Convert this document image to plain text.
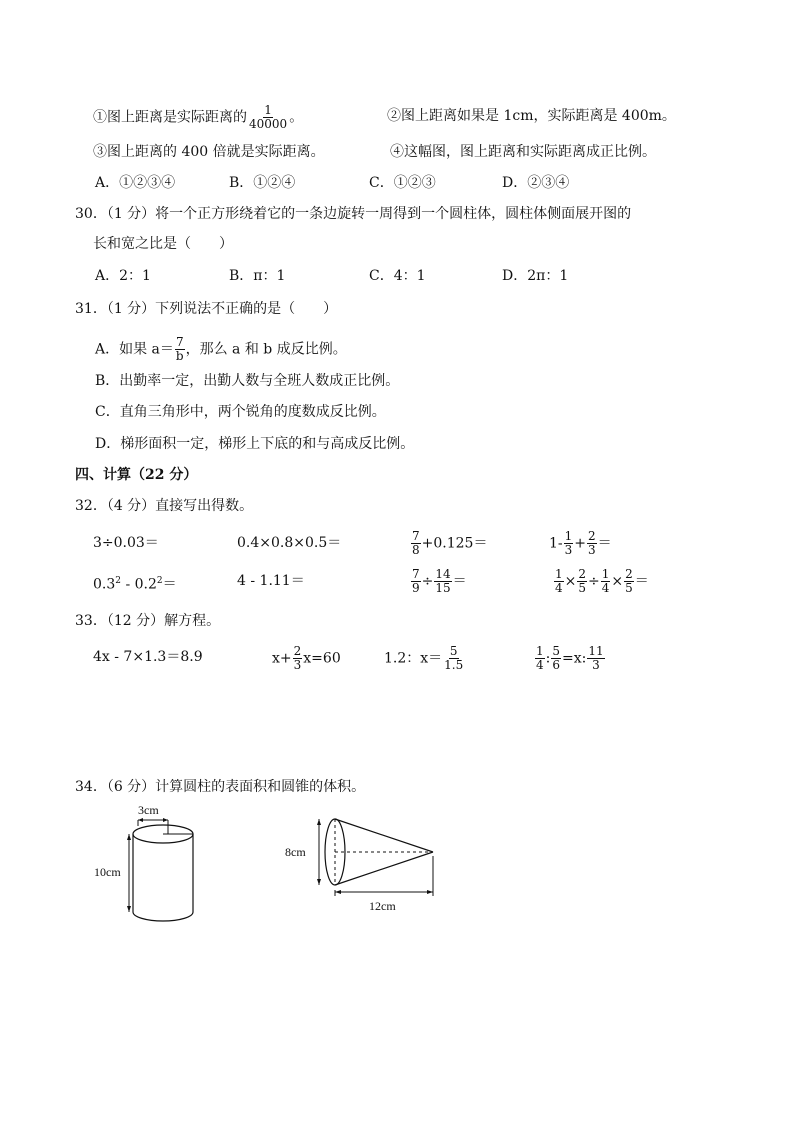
①图上距离是实际距离的 $\frac{1}{40000}$ 。	②图上距离如果是 1cm，实际距离是 400m。
③图上距离的 400 倍就是实际距离。	④这幅图，图上距离和实际距离成正比例。
A．①②③④	B．①②④	C．①②③	D．②③④
30．（1 分）将一个正方形绕着它的一条边旋转一周得到一个圆柱体，圆柱体侧面展开图的
长和宽之比是（　　）
A．2：1	B．π：1	C．4：1	D．2π：1
31．（1 分）下列说法不正确的是（　　）
A．如果 $a= \frac{7}{b}$ ，那么 a 和 b 成反比例。
B．出勤率一定，出勤人数与全班人数成正比例。
C．直角三角形中，两个锐角的度数成反比例。
D．梯形面积一定，梯形上下底的和与高成反比例。
四、计算（22 分）
32．（4 分）直接写出得数。
3÷0.03＝	0.4×0.8×0.5＝	$\frac{7}{8} +0.125=$	$1- \frac{1}{3} + \frac{2}{3}$ ＝
$0.3^2 - 0.2^2=$	4 - 1.11＝	$\frac{7}{9} \div \frac{14}{15}$ ＝	$\frac{1}{4} \times \frac{2}{5} \div \frac{1}{4} \times \frac{2}{5}$ ＝
33．（12 分）解方程。
4x - 7×1.3＝8.9	$x+ \frac{2}{3} x=60$	1.2：$x= \frac{5}{1.5}$	$\frac{1}{4}$ : $\frac{5}{6} =x$: $\frac{11}{3}$
34．（6 分）计算圆柱的表面积和圆锥的体积。
3cm
10cm
8cm
12cm
